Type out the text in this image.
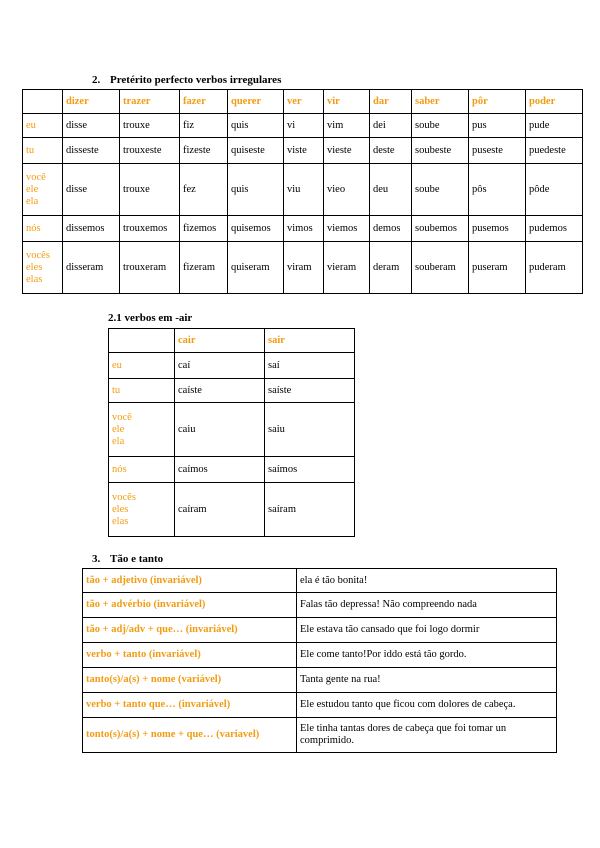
2. Pretérito perfecto verbos irregulares
	dizer	trazer	fazer	querer	ver	vir	dar	saber	pôr	poder

eu	disse	trouxe	fiz	quis	vi	vim	dei	soube	pus	pude

tu	disseste	trouxeste	fizeste	quiseste	viste	vieste	deste	soubeste	puseste	puedeste

você
ele
ela	disse	trouxe	fez	quis	viu	vieo	deu	soube	pôs	pôde

nós	dissemos	trouxemos	fizemos	quisemos	vimos	viemos	demos	soubemos	pusemos	pudemos

vocês
eles
elas	disseram	trouxeram	fizeram	quiseram	viram	vieram	deram	souberam	puseram	puderam
2.1 verbos em -air
	cair	sair

eu	caí	saí

tu	caíste	saíste

você
ele
ela	caiu	saiu

nós	caímos	saímos

vocês
eles
elas	caíram	saíram
3. Tão e tanto
tão + adjetivo (invariável)	ela é tão bonita!
tão + advérbio (invariável)	Falas tão depressa! Não compreendo nada
tão + adj/adv + que… (invariável)	Ele estava tão cansado que foi logo dormir
verbo + tanto (invariável)	Ele come tanto!Por iddo está tão gordo.
tanto(s)/a(s) + nome (variável)	Tanta gente na rua!
verbo + tanto que… (invariável)	Ele estudou tanto que ficou com dolores de cabeça.
tonto(s)/a(s) + nome + que… (variavel)	Ele tinha tantas dores de cabeça que foi tomar un comprimido.
